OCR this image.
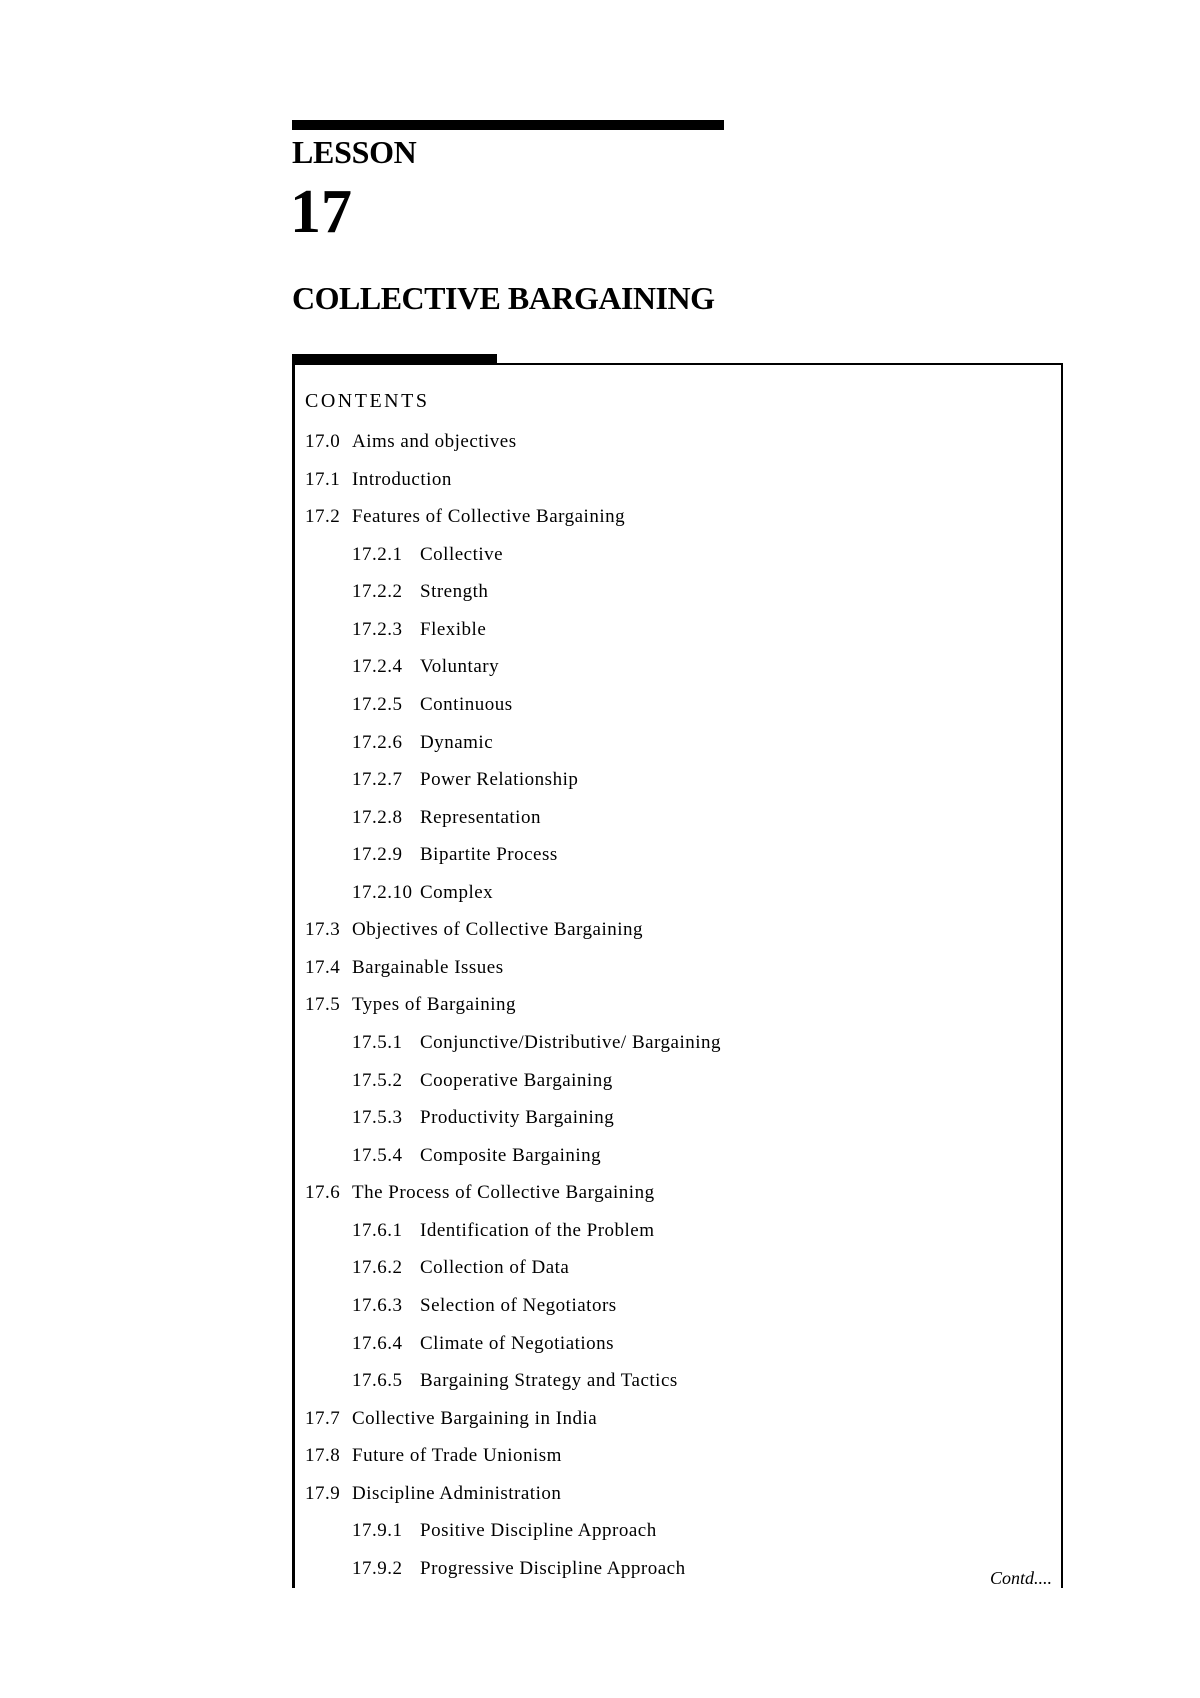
LESSON
17
COLLECTIVE BARGAINING
CONTENTS
17.0 Aims and objectives
17.1 Introduction
17.2 Features of Collective Bargaining
17.2.1 Collective
17.2.2 Strength
17.2.3 Flexible
17.2.4 Voluntary
17.2.5 Continuous
17.2.6 Dynamic
17.2.7 Power Relationship
17.2.8 Representation
17.2.9 Bipartite Process
17.2.10 Complex
17.3 Objectives of Collective Bargaining
17.4 Bargainable Issues
17.5 Types of Bargaining
17.5.1 Conjunctive/Distributive/ Bargaining
17.5.2 Cooperative Bargaining
17.5.3 Productivity Bargaining
17.5.4 Composite Bargaining
17.6 The Process of Collective Bargaining
17.6.1 Identification of the Problem
17.6.2 Collection of Data
17.6.3 Selection of Negotiators
17.6.4 Climate of Negotiations
17.6.5 Bargaining Strategy and Tactics
17.7 Collective Bargaining in India
17.8 Future of Trade Unionism
17.9 Discipline Administration
17.9.1 Positive Discipline Approach
17.9.2 Progressive Discipline Approach	Contd....
